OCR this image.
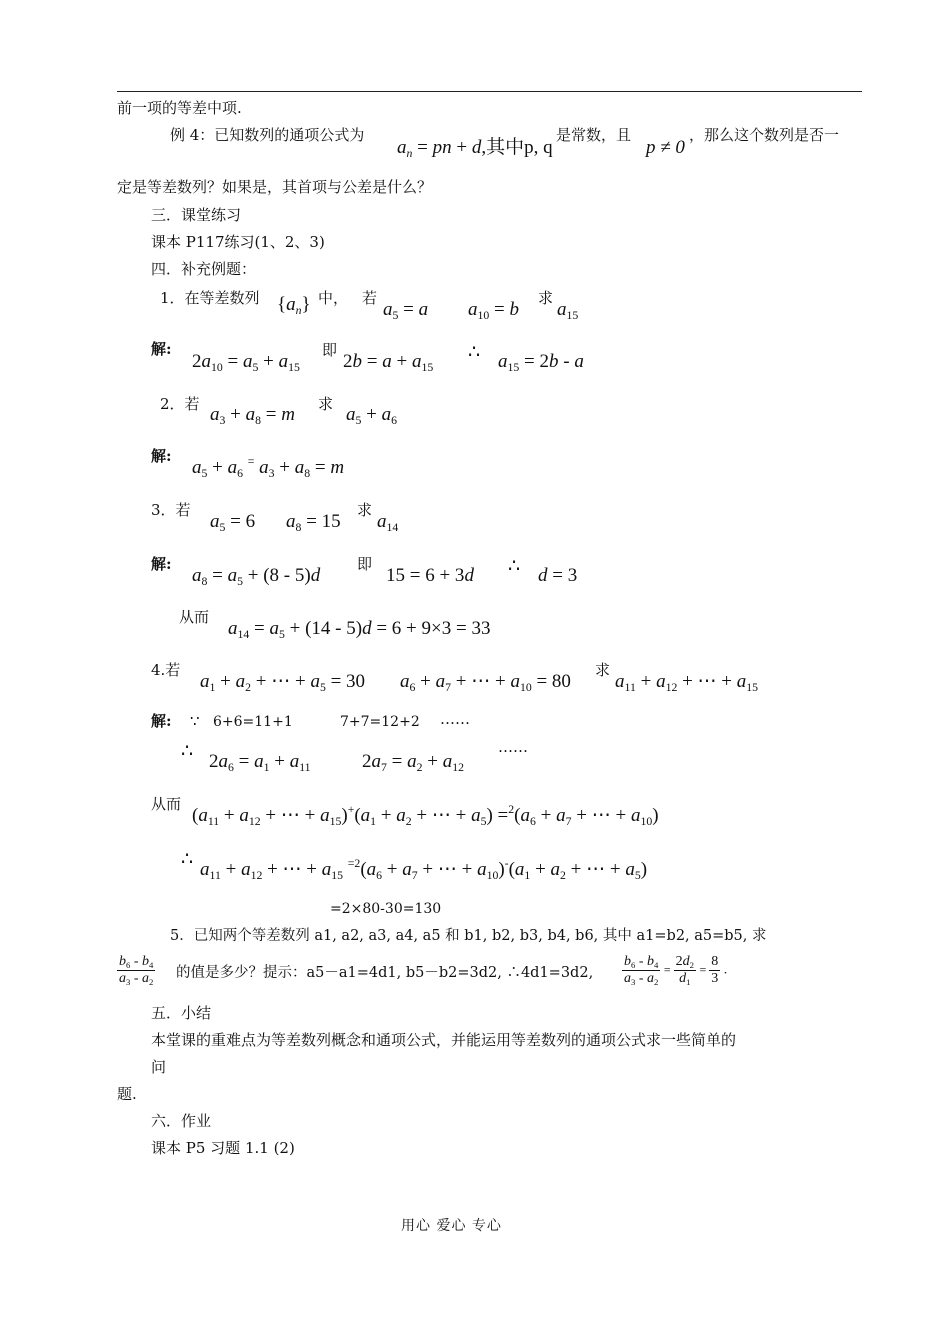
前一项的等差中项.
例 4：已知数列的通项公式为
$a_n$ = pn + d,其中p, q
是常数，且
p ≠ 0
，那么这个数列是否一
定是等差数列？如果是，其首项与公差是什么？
三．课堂练习
课本 P117练习(1、2、3)
四．补充例题：
1．在等差数列 $\{a_n\}$ 中， 若
$a_5 = a$ $a_{10} = b$
求
$a_{15}$
解:
$2a_{10} = a_5 + a_{15}$
即
$2b = a + a_{15}$
∴ $a_{15} = 2b - a$
2．若 $a_3 + a_8 = m$ 求 $a_5 + a_6$
解:
$a_5 + a_6$ = $a_3 + a_8 = m$
3．若
$a_5 = 6$ $a_8 = 15$
求
$a_{14}$
解:
$a_8 = a_5 + (8 - 5)d$
即
15 = 6 + 3d ∴ d = 3
从而
$a_{14} = a_5 + (14 - 5)d = 6 + 9\times 3 = 33$
4.若
$a_1 + a_2$ + ⋯ + $a_5 = 30$ $a_6 + a_7$ + ⋯ + $a_{10} = 80$
求
$a_{11} + a_{12}$ + ⋯ + $a_{15}$
解: ∵ 6+6=11+1	7+7=12+2 ……
∴ $2a_6 = a_1 + a_{11}$	$2a_7 = a_2 + a_{12}$
……
从而
($a_{11} + a_{12}$ + ⋯ + $a_{15})^+(a_1 + a_2$ + ⋯ + $a_5) =^2(a_6 + a_7$ + ⋯ + $a_{10}$)
∴ $a_{11} + a_{12}$ + ⋯ + $a_{15}$ $^{=2}(a_6 + a_7$ + ⋯ + $a_{10})^-(a_1 + a_2$ + ⋯ + $a_5$)
=2×80-30=130
5．已知两个等差数列 a1, a2, a3, a4, a5 和 b1, b2, b3, b4, b6, 其中 a1=b2, a5=b5, 求
$\frac{b_6 - b_4}{a_3 - a_2}$ 的值是多少？提示：a5－a1=4d1, b5－b2=3d2, ∴4d1=3d2, $\frac{b_6 - b_4}{a_3 - a_2} = \frac{2d_2}{d_1} = \frac{8}{3}$ .
五．小结
本堂课的重难点为等差数列概念和通项公式，并能运用等差数列的通项公式求一些简单的
问
题.
六．作业
课本 P5 习题 1.1 (2)
用心 爱心 专心
